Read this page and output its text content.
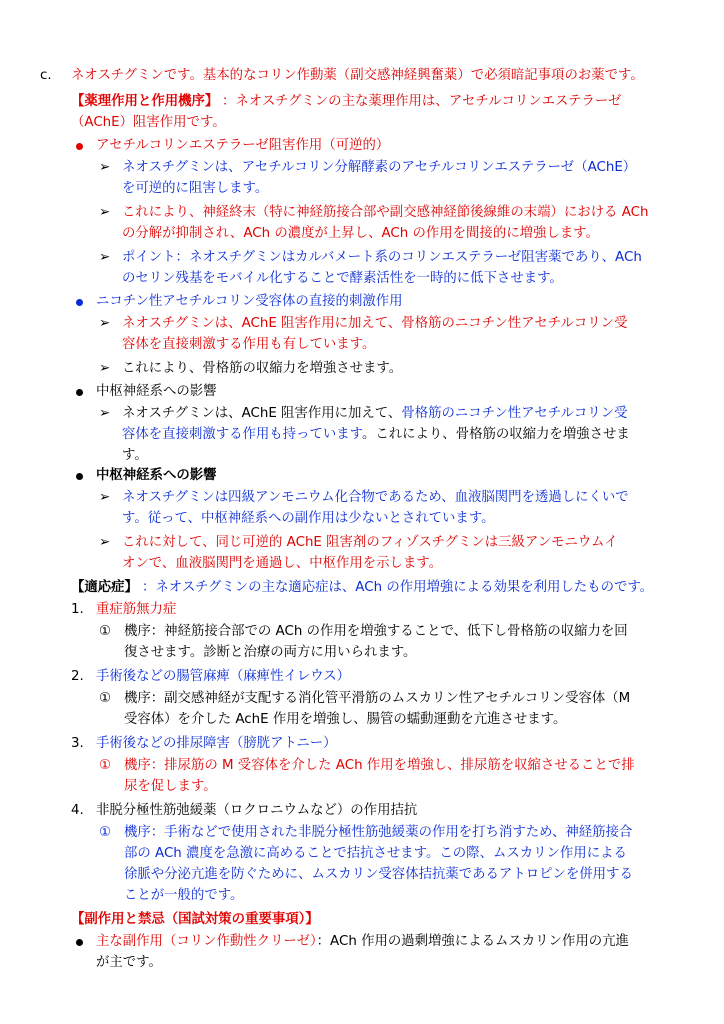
c. ネオスチグミンです。基本的なコリン作動薬（副交感神経興奮薬）で必須暗記事項のお薬です。
【薬理作用と作用機序】 ：ネオスチグミンの主な薬理作用は、アセチルコリンエステラーゼ
（AChE）阻害作用です。
アセチルコリンエステラーゼ阻害作用（可逆的）
➢ ネオスチグミンは、アセチルコリン分解酵素のアセチルコリンエステラーゼ（AChE）
を可逆的に阻害します。
➢ これにより、神経終末（特に神経筋接合部や副交感神経節後線維の末端）における ACh
の分解が抑制され、ACh の濃度が上昇し、ACh の作用を間接的に増強します。
➢ ポイント：ネオスチグミンはカルバメート系のコリンエステラーゼ阻害薬であり、ACh
のセリン残基をモバイル化することで酵素活性を一時的に低下させます。
ニコチン性アセチルコリン受容体の直接的刺激作用
➢ ネオスチグミンは、AChE 阻害作用に加えて、骨格筋のニコチン性アセチルコリン受
容体を直接刺激する作用も有しています。
➢ これにより、骨格筋の収縮力を増強させます。
中枢神経系への影響
➢ ネオスチグミンは、AChE 阻害作用に加えて、骨格筋のニコチン性アセチルコリン受
容体を直接刺激する作用も持っています。これにより、骨格筋の収縮力を増強させま
す。
中枢神経系への影響
➢ ネオスチグミンは四級アンモニウム化合物であるため、血液脳関門を透過しにくいで
す。従って、中枢神経系への副作用は少ないとされています。
➢ これに対して、同じ可逆的 AChE 阻害剤のフィゾスチグミンは三級アンモニウムイ
オンで、血液脳関門を通過し、中枢作用を示します。
【適応症】 ：ネオスチグミンの主な適応症は、ACh の作用増強による効果を利用したものです。
1. 重症筋無力症
① 機序：神経筋接合部での ACh の作用を増強することで、低下し骨格筋の収縮力を回
復させます。診断と治療の両方に用いられます。
2. 手術後などの腸管麻痺（麻痺性イレウス）
① 機序：副交感神経が支配する消化管平滑筋のムスカリン性アセチルコリン受容体（M
受容体）を介した AchE 作用を増強し、腸管の蠕動運動を亢進させます。
3. 手術後などの排尿障害（膀胱アトニー）
① 機序：排尿筋の M 受容体を介した ACh 作用を増強し、排尿筋を収縮させることで排
尿を促します。
4. 非脱分極性筋弛緩薬（ロクロニウムなど）の作用拮抗
① 機序：手術などで使用された非脱分極性筋弛緩薬の作用を打ち消すため、神経筋接合
部の ACh 濃度を急激に高めることで拮抗させます。この際、ムスカリン作用による
徐脈や分泌亢進を防ぐために、ムスカリン受容体拮抗薬であるアトロピンを併用する
ことが一般的です。
【副作用と禁忌（国試対策の重要事項）】
主な副作用（コリン作動性クリーゼ）：ACh 作用の過剰増強によるムスカリン作用の亢進
が主です。
